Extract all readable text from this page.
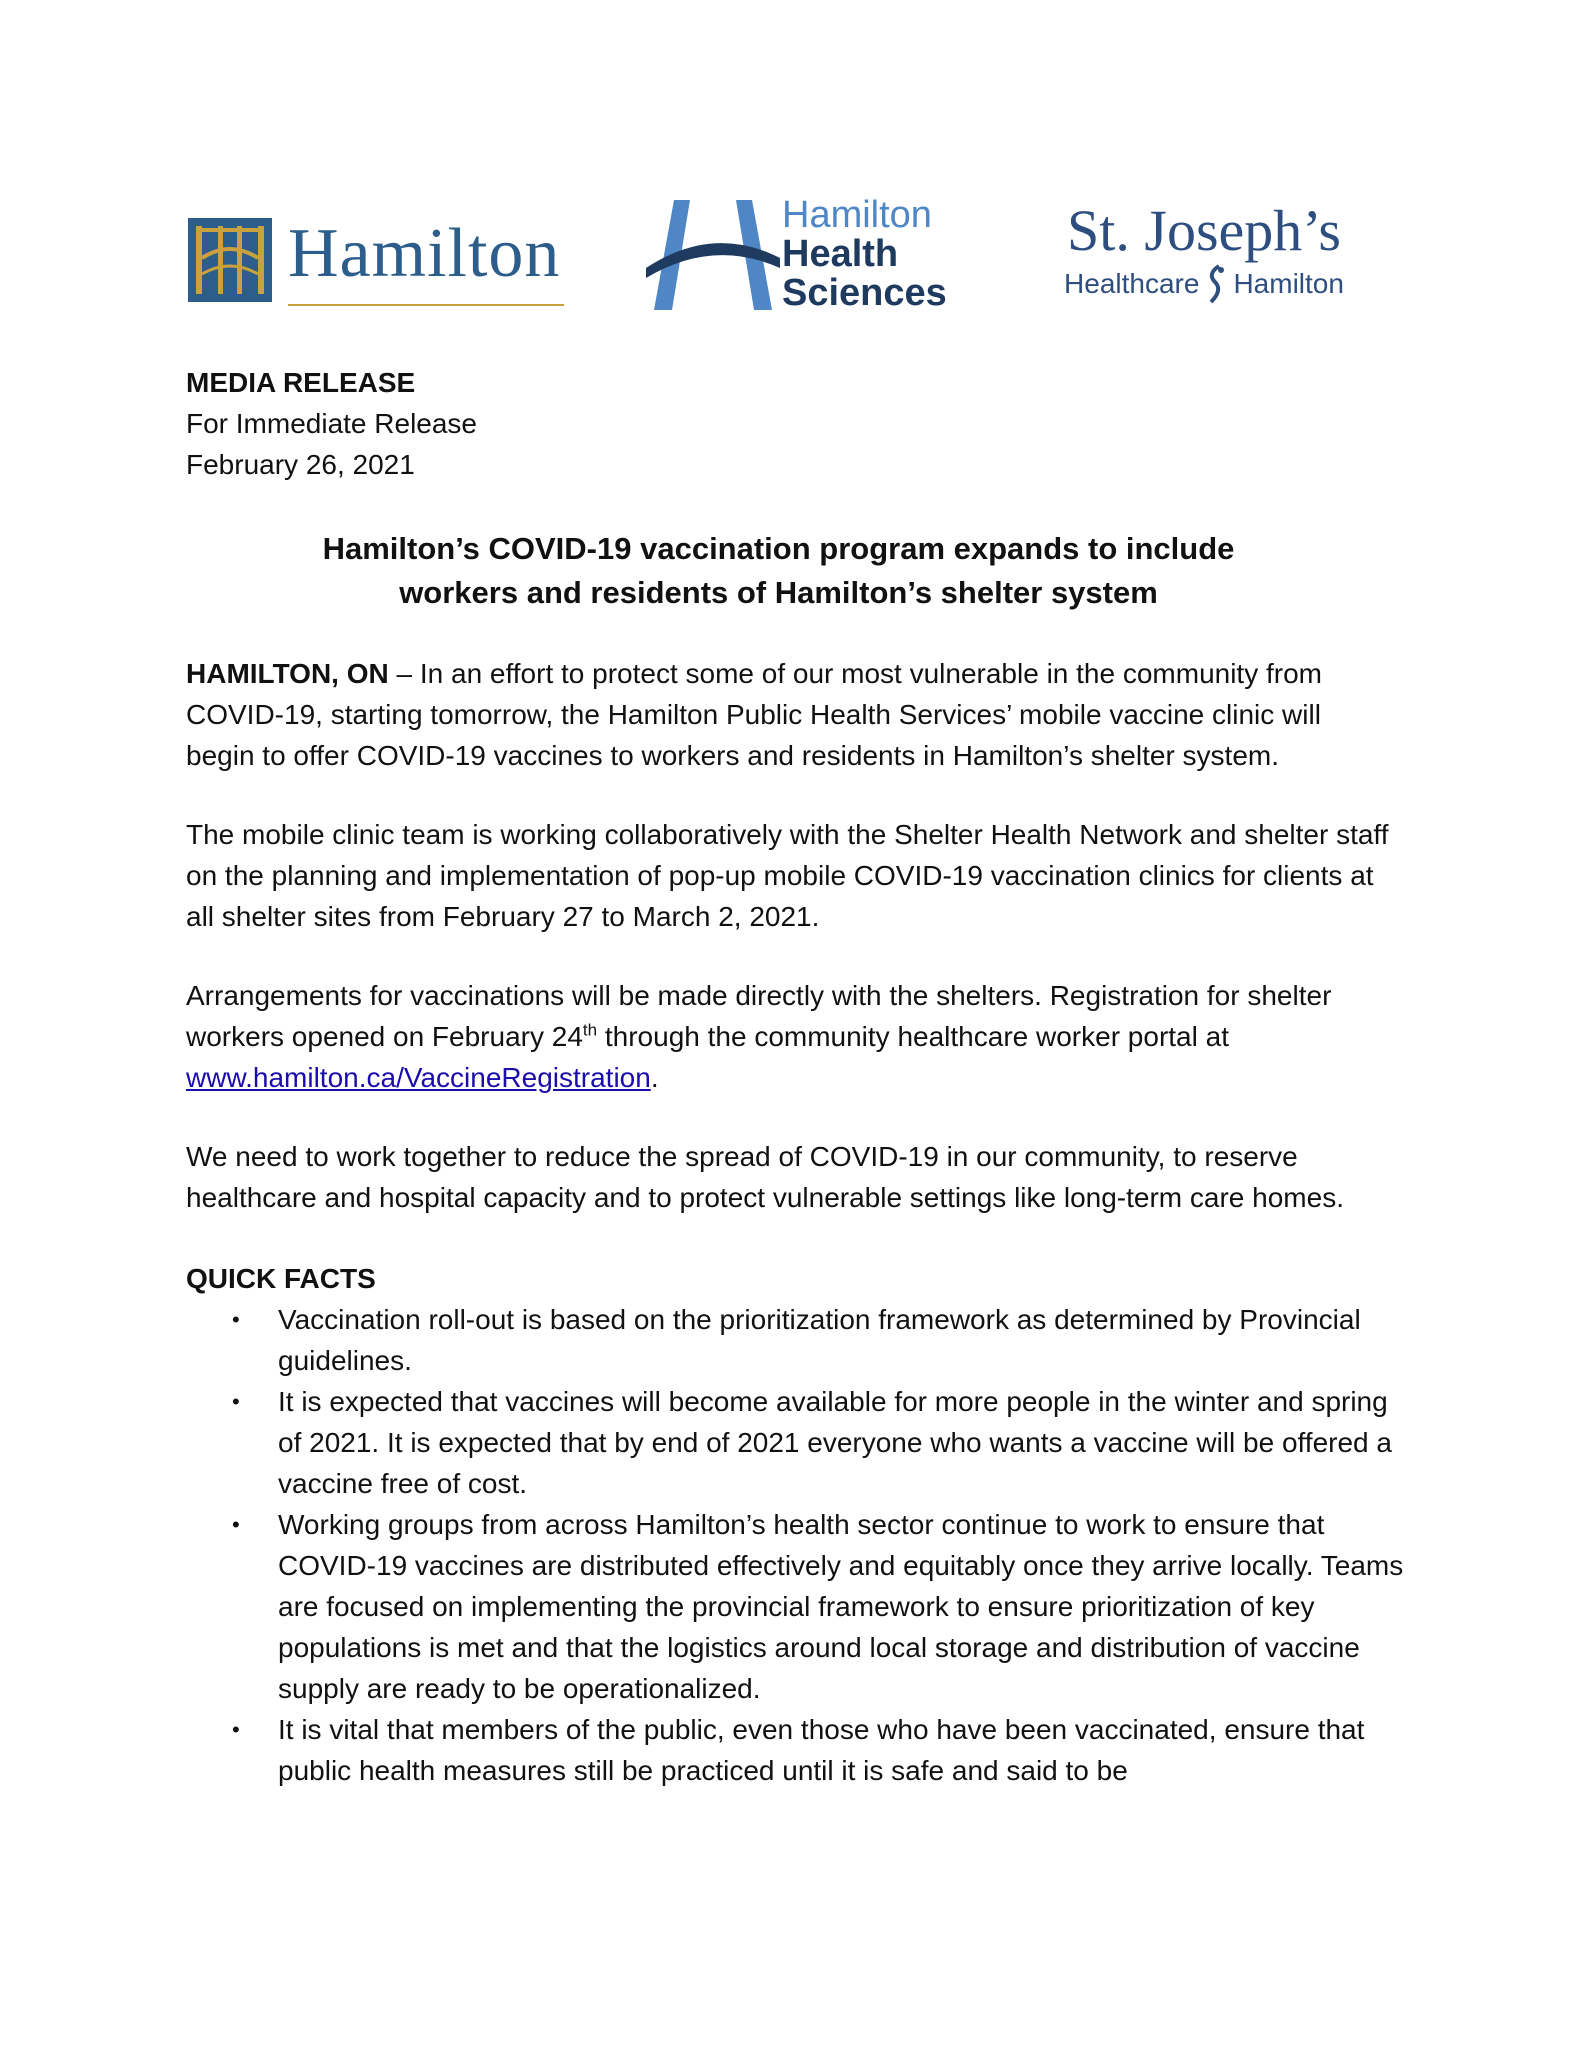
Hamilton	Hamilton
Health
Sciences
St. Joseph’s
Healthcare Hamilton

MEDIA RELEASE

For Immediate Release

February 26, 2021

Hamilton’s COVID-19 vaccination program expands to include
workers and residents of Hamilton’s shelter system

HAMILTON, ON – In an effort to protect some of our most vulnerable in the community from COVID-19, starting tomorrow, the Hamilton Public Health Services’ mobile vaccine clinic will begin to offer COVID-19 vaccines to workers and residents in Hamilton’s shelter system.

The mobile clinic team is working collaboratively with the Shelter Health Network and shelter staff on the planning and implementation of pop-up mobile COVID-19 vaccination clinics for clients at all shelter sites from February 27 to March 2, 2021.

Arrangements for vaccinations will be made directly with the shelters. Registration for shelter workers opened on February 24th through the community healthcare worker portal at www.hamilton.ca/VaccineRegistration.

We need to work together to reduce the spread of COVID-19 in our community, to reserve healthcare and hospital capacity and to protect vulnerable settings like long-term care homes.

QUICK FACTS

• Vaccination roll-out is based on the prioritization framework as determined by Provincial guidelines.
• It is expected that vaccines will become available for more people in the winter and spring of 2021. It is expected that by end of 2021 everyone who wants a vaccine will be offered a vaccine free of cost.
• Working groups from across Hamilton’s health sector continue to work to ensure that COVID-19 vaccines are distributed effectively and equitably once they arrive locally. Teams are focused on implementing the provincial framework to ensure prioritization of key populations is met and that the logistics around local storage and distribution of vaccine supply are ready to be operationalized.
• It is vital that members of the public, even those who have been vaccinated, ensure that public health measures still be practiced until it is safe and said to be
